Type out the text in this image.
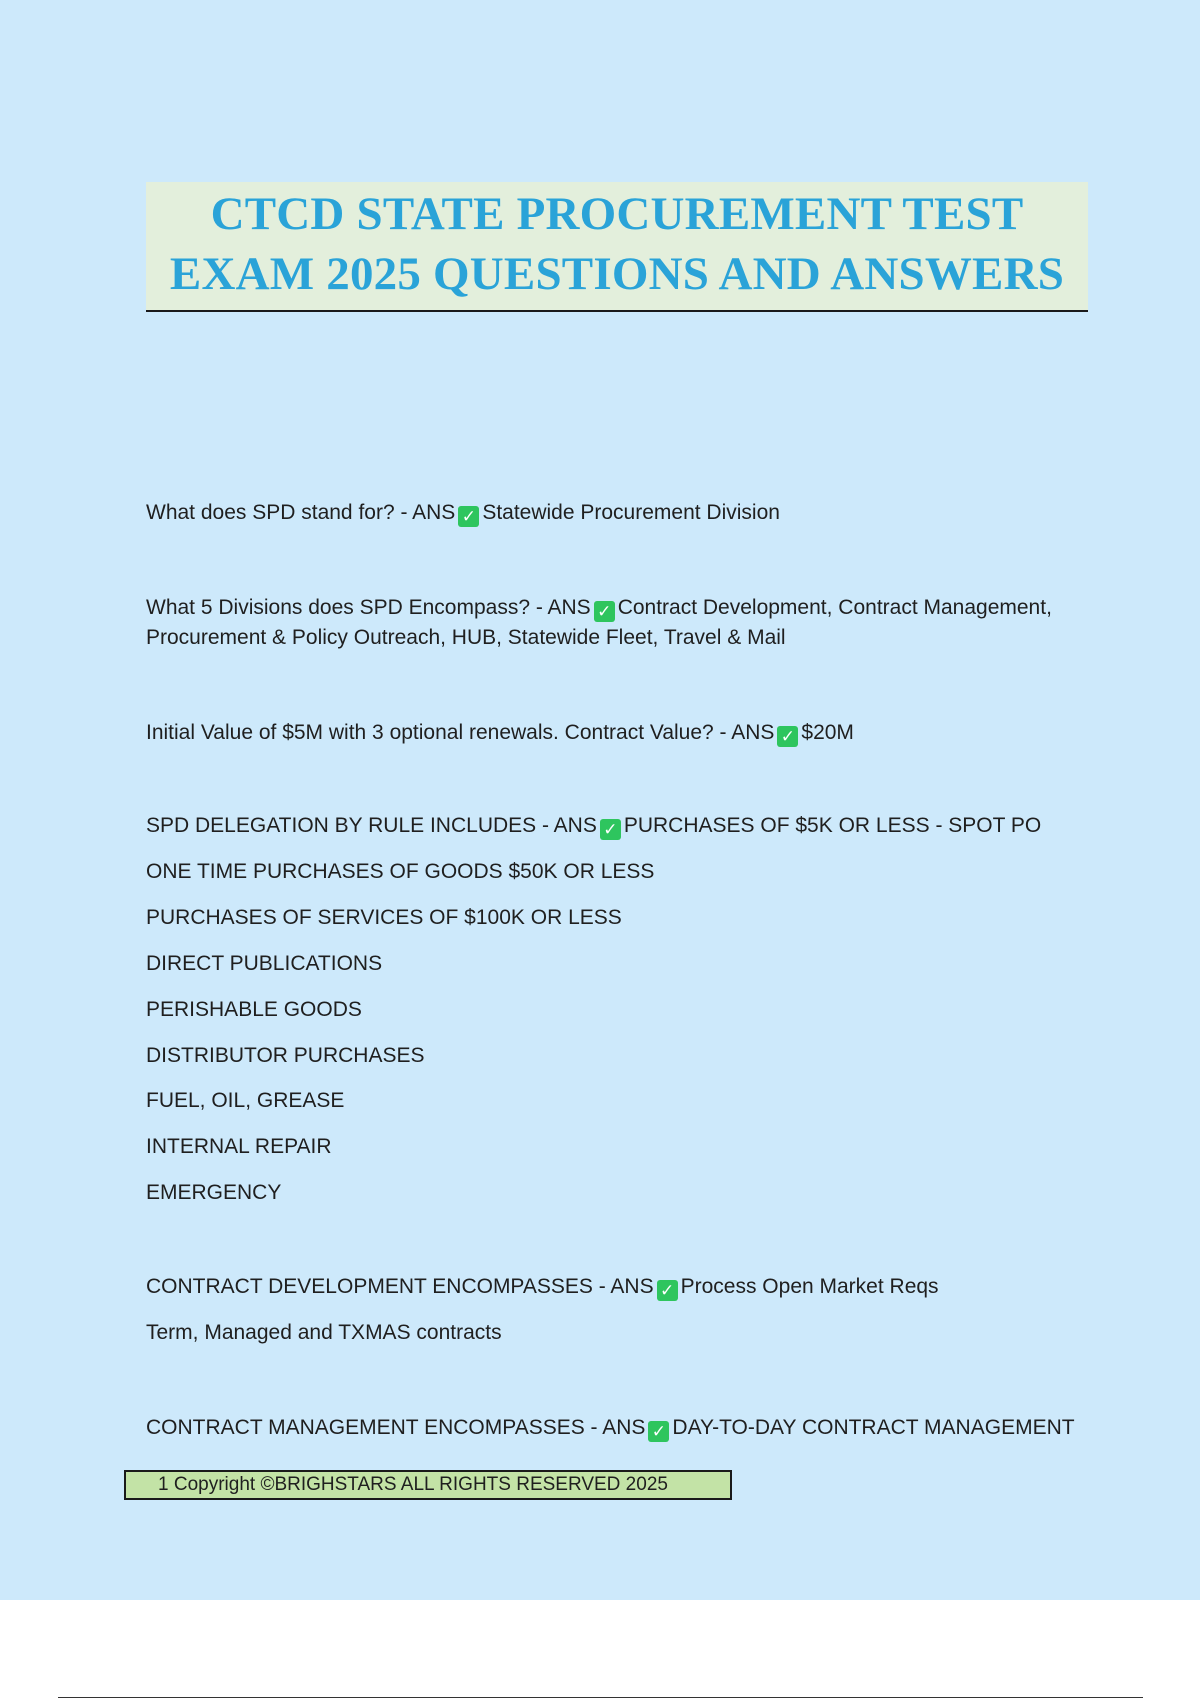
CTCD STATE PROCUREMENT TEST
EXAM 2025 QUESTIONS AND ANSWERS
What does SPD stand for? - ANS ✓ Statewide Procurement Division
What 5 Divisions does SPD Encompass? - ANS ✓ Contract Development, Contract Management,
Procurement & Policy Outreach, HUB, Statewide Fleet, Travel & Mail
Initial Value of $5M with 3 optional renewals. Contract Value? - ANS ✓ $20M
SPD DELEGATION BY RULE INCLUDES - ANS ✓ PURCHASES OF $5K OR LESS - SPOT PO
ONE TIME PURCHASES OF GOODS $50K OR LESS
PURCHASES OF SERVICES OF $100K OR LESS
DIRECT PUBLICATIONS
PERISHABLE GOODS
DISTRIBUTOR PURCHASES
FUEL, OIL, GREASE
INTERNAL REPAIR
EMERGENCY
CONTRACT DEVELOPMENT ENCOMPASSES - ANS ✓ Process Open Market Reqs
Term, Managed and TXMAS contracts
CONTRACT MANAGEMENT ENCOMPASSES - ANS ✓ DAY-TO-DAY CONTRACT MANAGEMENT
1 Copyright ©BRIGHSTARS ALL RIGHTS RESERVED 2025
